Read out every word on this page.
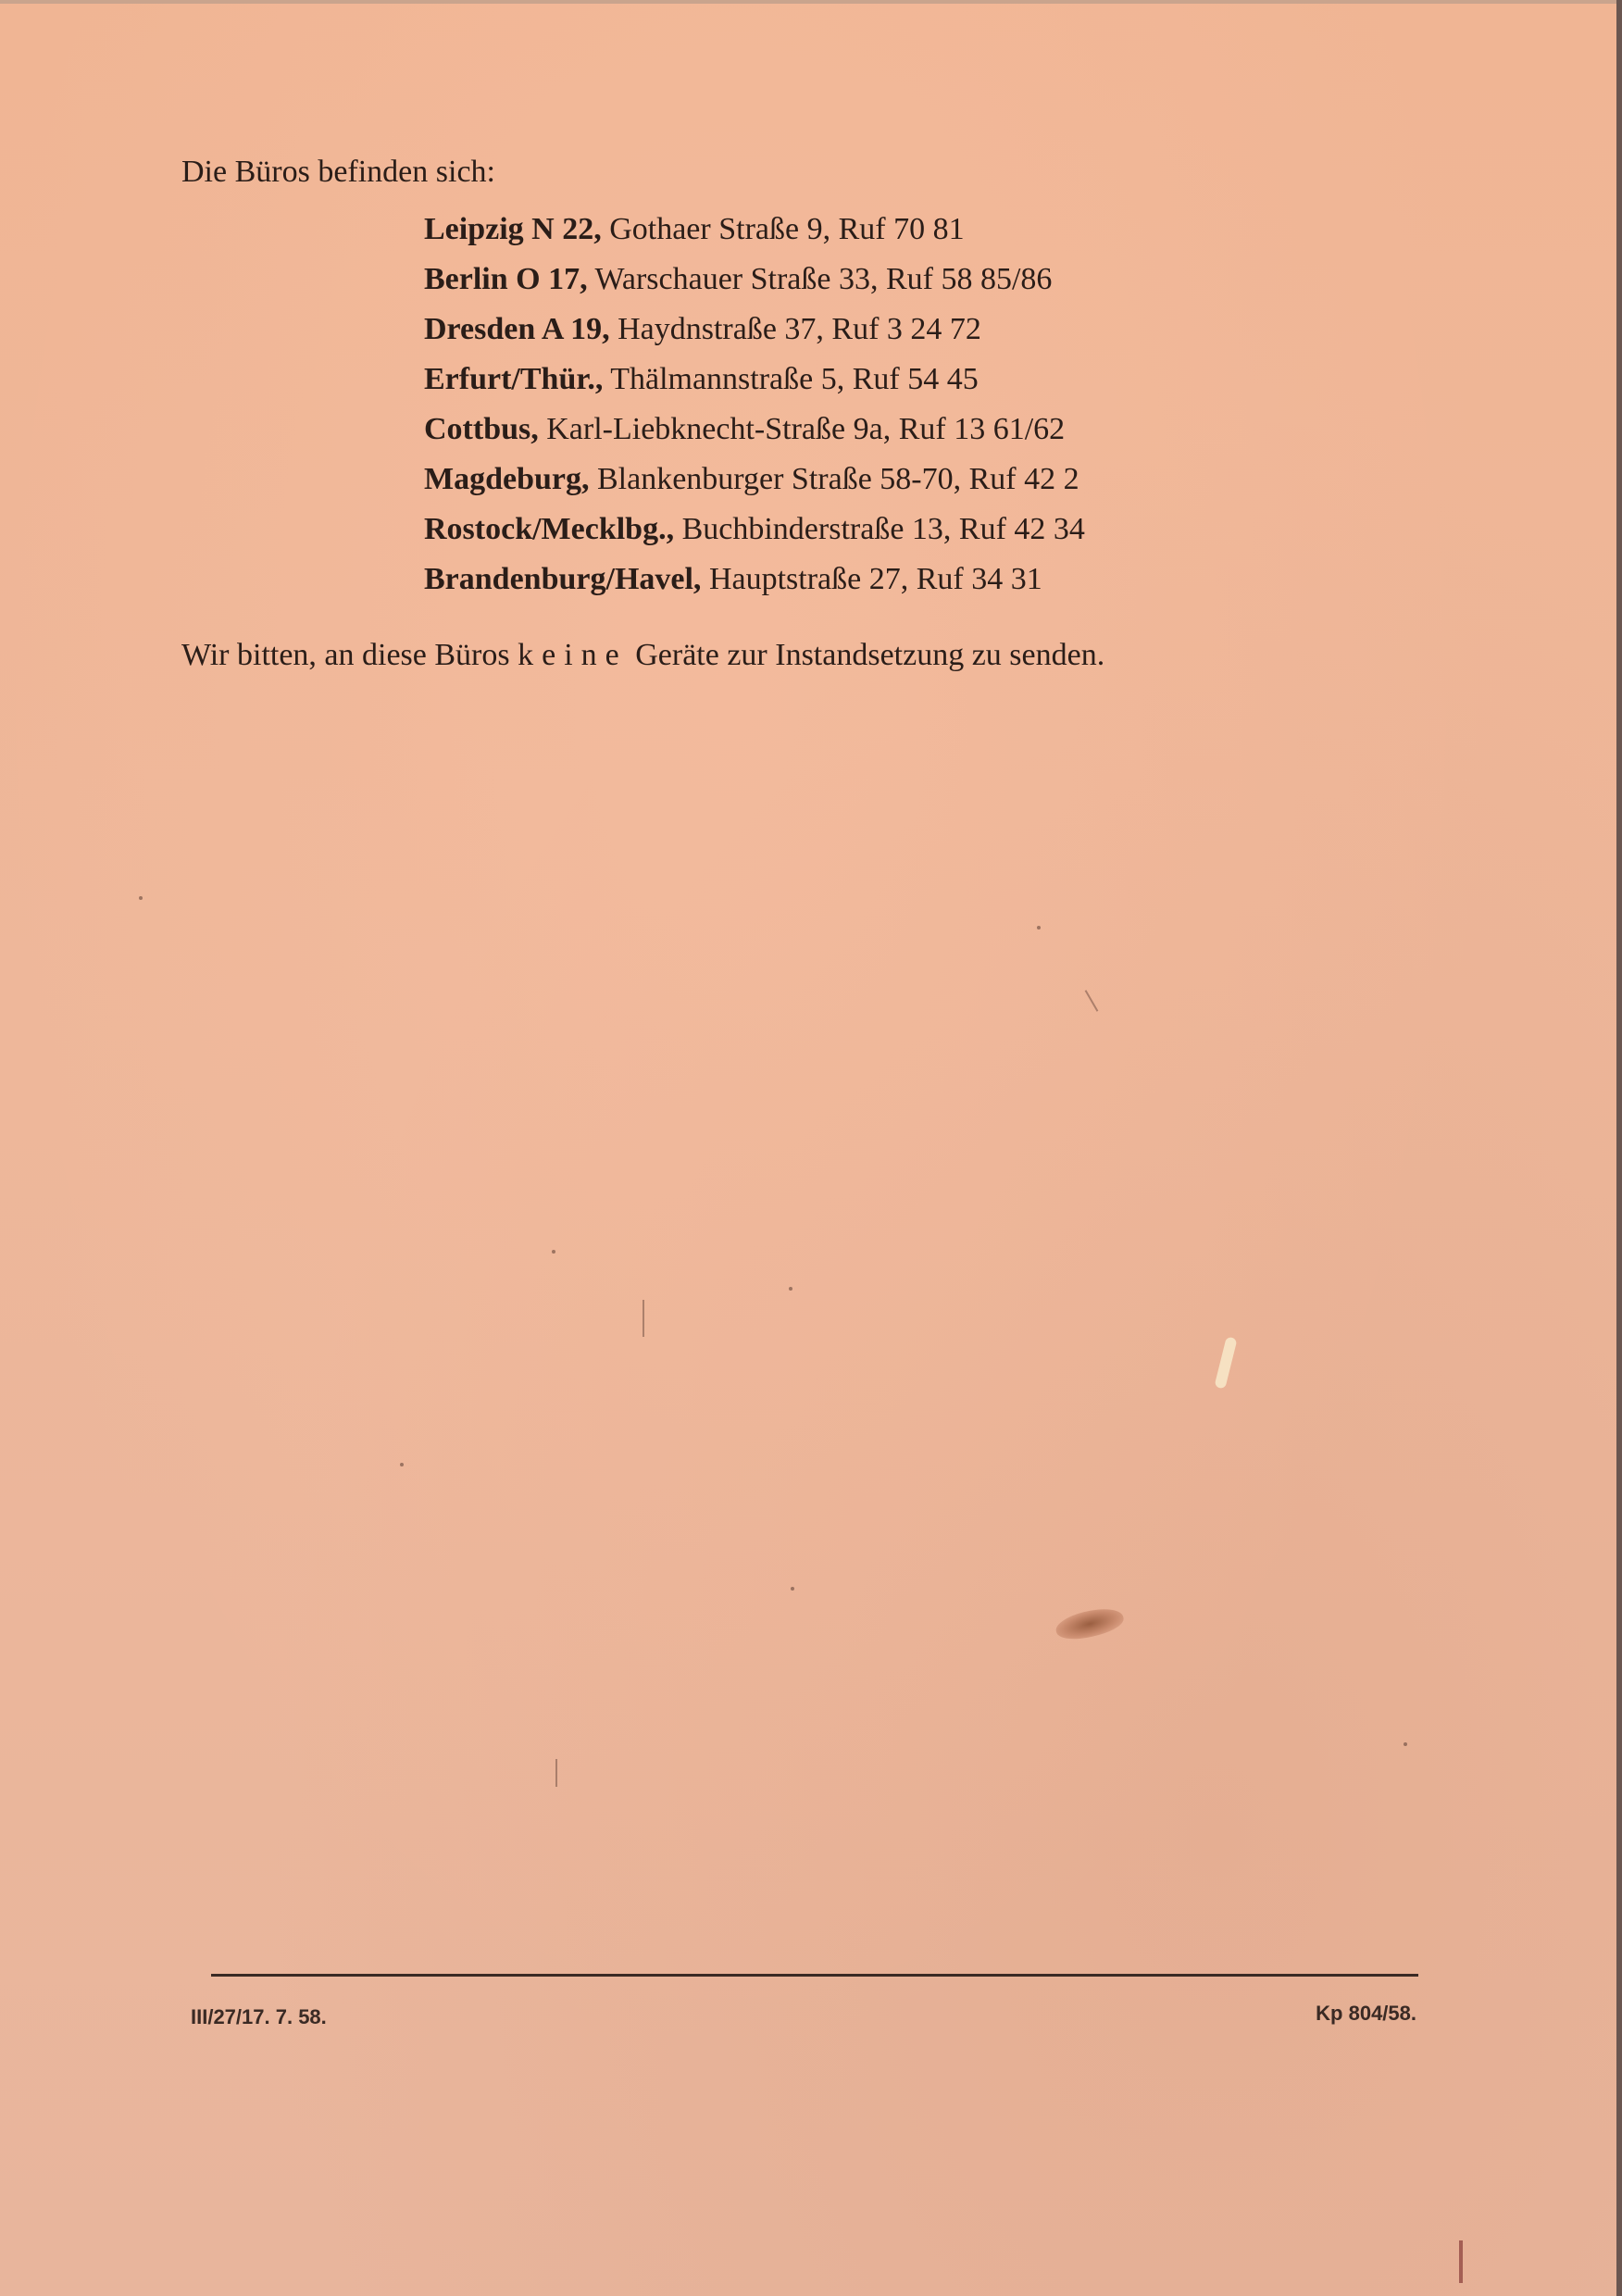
Die Büros befinden sich:
Leipzig N 22, Gothaer Straße 9, Ruf 70 81
Berlin O 17, Warschauer Straße 33, Ruf 58 85/86
Dresden A 19, Haydnstraße 37, Ruf 3 24 72
Erfurt/Thür., Thälmannstraße 5, Ruf 54 45
Cottbus, Karl-Liebknecht-Straße 9a, Ruf 13 61/62
Magdeburg, Blankenburger Straße 58-70, Ruf 42 2
Rostock/Mecklbg., Buchbinderstraße 13, Ruf 42 34
Brandenburg/Havel, Hauptstraße 27, Ruf 34 31
Wir bitten, an diese Büros keine Geräte zur Instandsetzung zu senden.
III/27/17. 7. 58.	Kp 804/58.
